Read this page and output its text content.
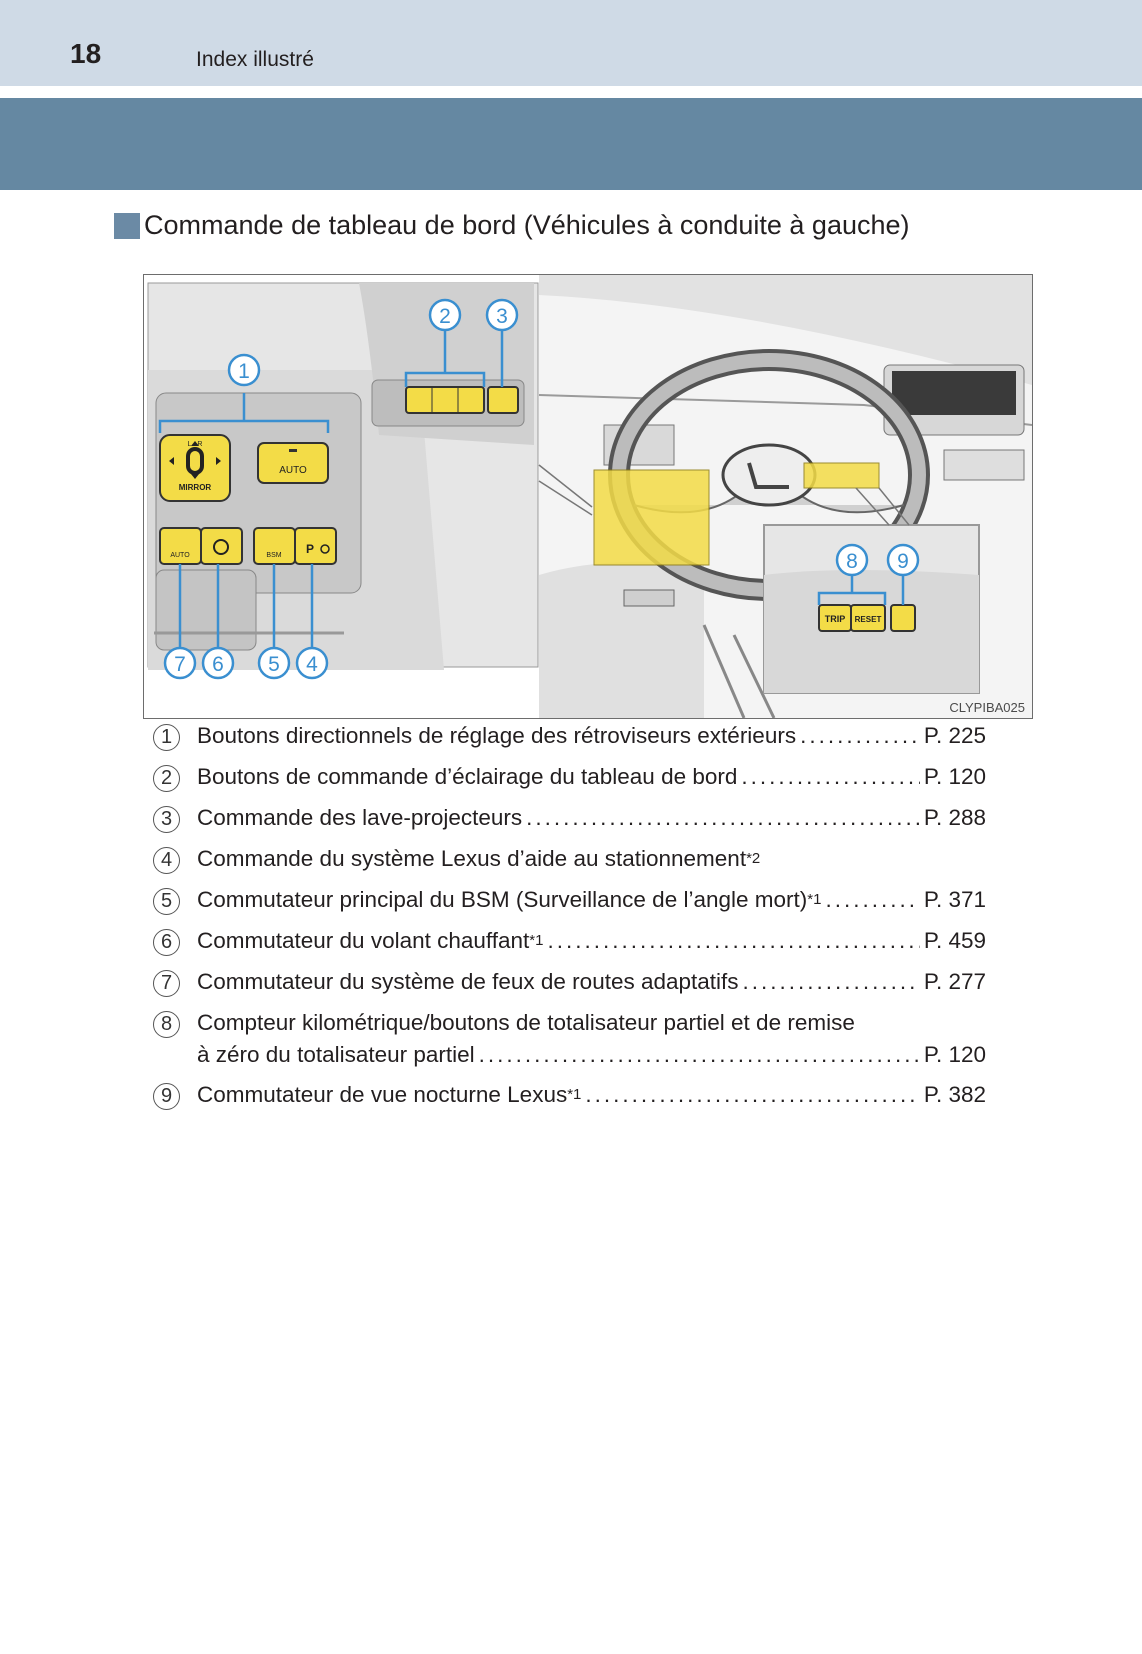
18	Index illustré
Commande de tableau de bord (Véhicules à conduite à gauche)
L · R
MIRROR
AUTO
AUTO	BSM P
1
2 3
7 6 5 4
TRIP RESET
8 9
CLYPIBA025
1	Boutons directionnels de réglage des rétroviseurs extérieurs .....	P. 225
2	Boutons de commande d’éclairage du tableau de bord .....	P. 120
3	Commande des lave-projecteurs .....	P. 288
4	Commande du système Lexus d’aide au stationnement$^{*2}$
5	Commutateur principal du BSM (Surveillance de l’angle mort)$^{*1}$ .....	P. 371
6	Commutateur du volant chauffant$^{*1}$ .....	P. 459
7	Commutateur du système de feux de routes adaptatifs .....	P. 277
8	Compteur kilométrique/boutons de totalisateur partiel et de remise
à zéro du totalisateur partiel .....	P. 120
9	Commutateur de vue nocturne Lexus$^{*1}$ .....	P. 382
